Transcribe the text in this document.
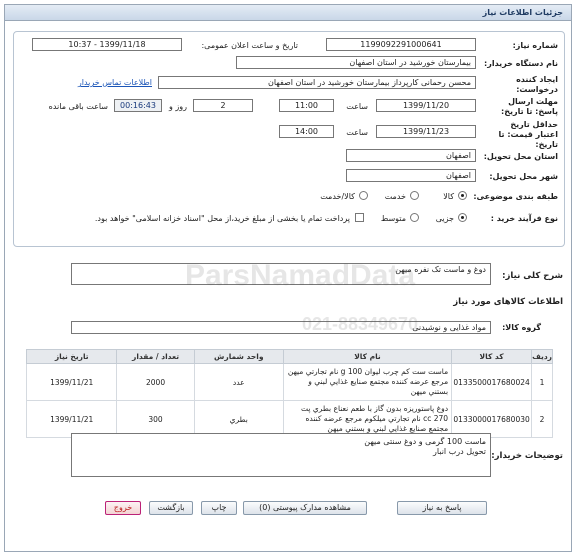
جزئیات اطلاعات نیاز
شماره نیاز:
1199092291000641
تاریخ و ساعت اعلان عمومی:
1399/11/18 - 10:37
نام دستگاه خریدار:
بیمارستان خورشید در استان اصفهان
ایجاد کننده درخواست:
محسن رحمانی کارپرداز بیمارستان خورشید در استان اصفهان
اطلاعات تماس خریدار
مهلت ارسال پاسخ: تا تاریخ:
1399/11/20
ساعت
11:00
2
روز و
00:16:43
ساعت باقی مانده
حداقل تاریخ اعتبار قیمت: تا تاریخ:
1399/11/23
ساعت
14:00
استان محل تحویل:
اصفهان
شهر محل تحویل:
اصفهان
طبقه بندی موضوعی:
کالا
خدمت
کالا/خدمت
نوع فرآیند خرید :
جزیی
متوسط
پرداخت تمام یا بخشی از مبلغ خرید،از محل "اسناد خزانه اسلامی" خواهد بود.
شرح کلی نیاز:
دوغ و ماست تک نفره میهن
اطلاعات کالاهای مورد نیاز
گروه کالا:
مواد غذایی و نوشیدنی
ردیف	کد کالا	نام کالا	واحد شمارش	تعداد / مقدار	تاریخ نیاز
1	0133500017680024	ماست ست کم چرب ليوان 100 g نام تجارتي ميهن مرجع عرضه کننده مجتمع صنايع غذايي لبني و بستني ميهن	عدد	2000	1399/11/21
2	0133000017680030	دوغ پاستوريزه بدون گاز با طعم نعناع بطري پت 270 cc نام تجارتي ميلکوم مرجع عرضه کننده مجتمع صنايع غذايي لبني و بستني ميهن	بطري	300	1399/11/21
توضیحات خریدار:
ماست 100 گرمی و دوغ سنتی میهن
تحویل درب انبار
پاسخ به نیاز
مشاهده مدارک پیوستی (0)
چاپ
بازگشت
خروج
